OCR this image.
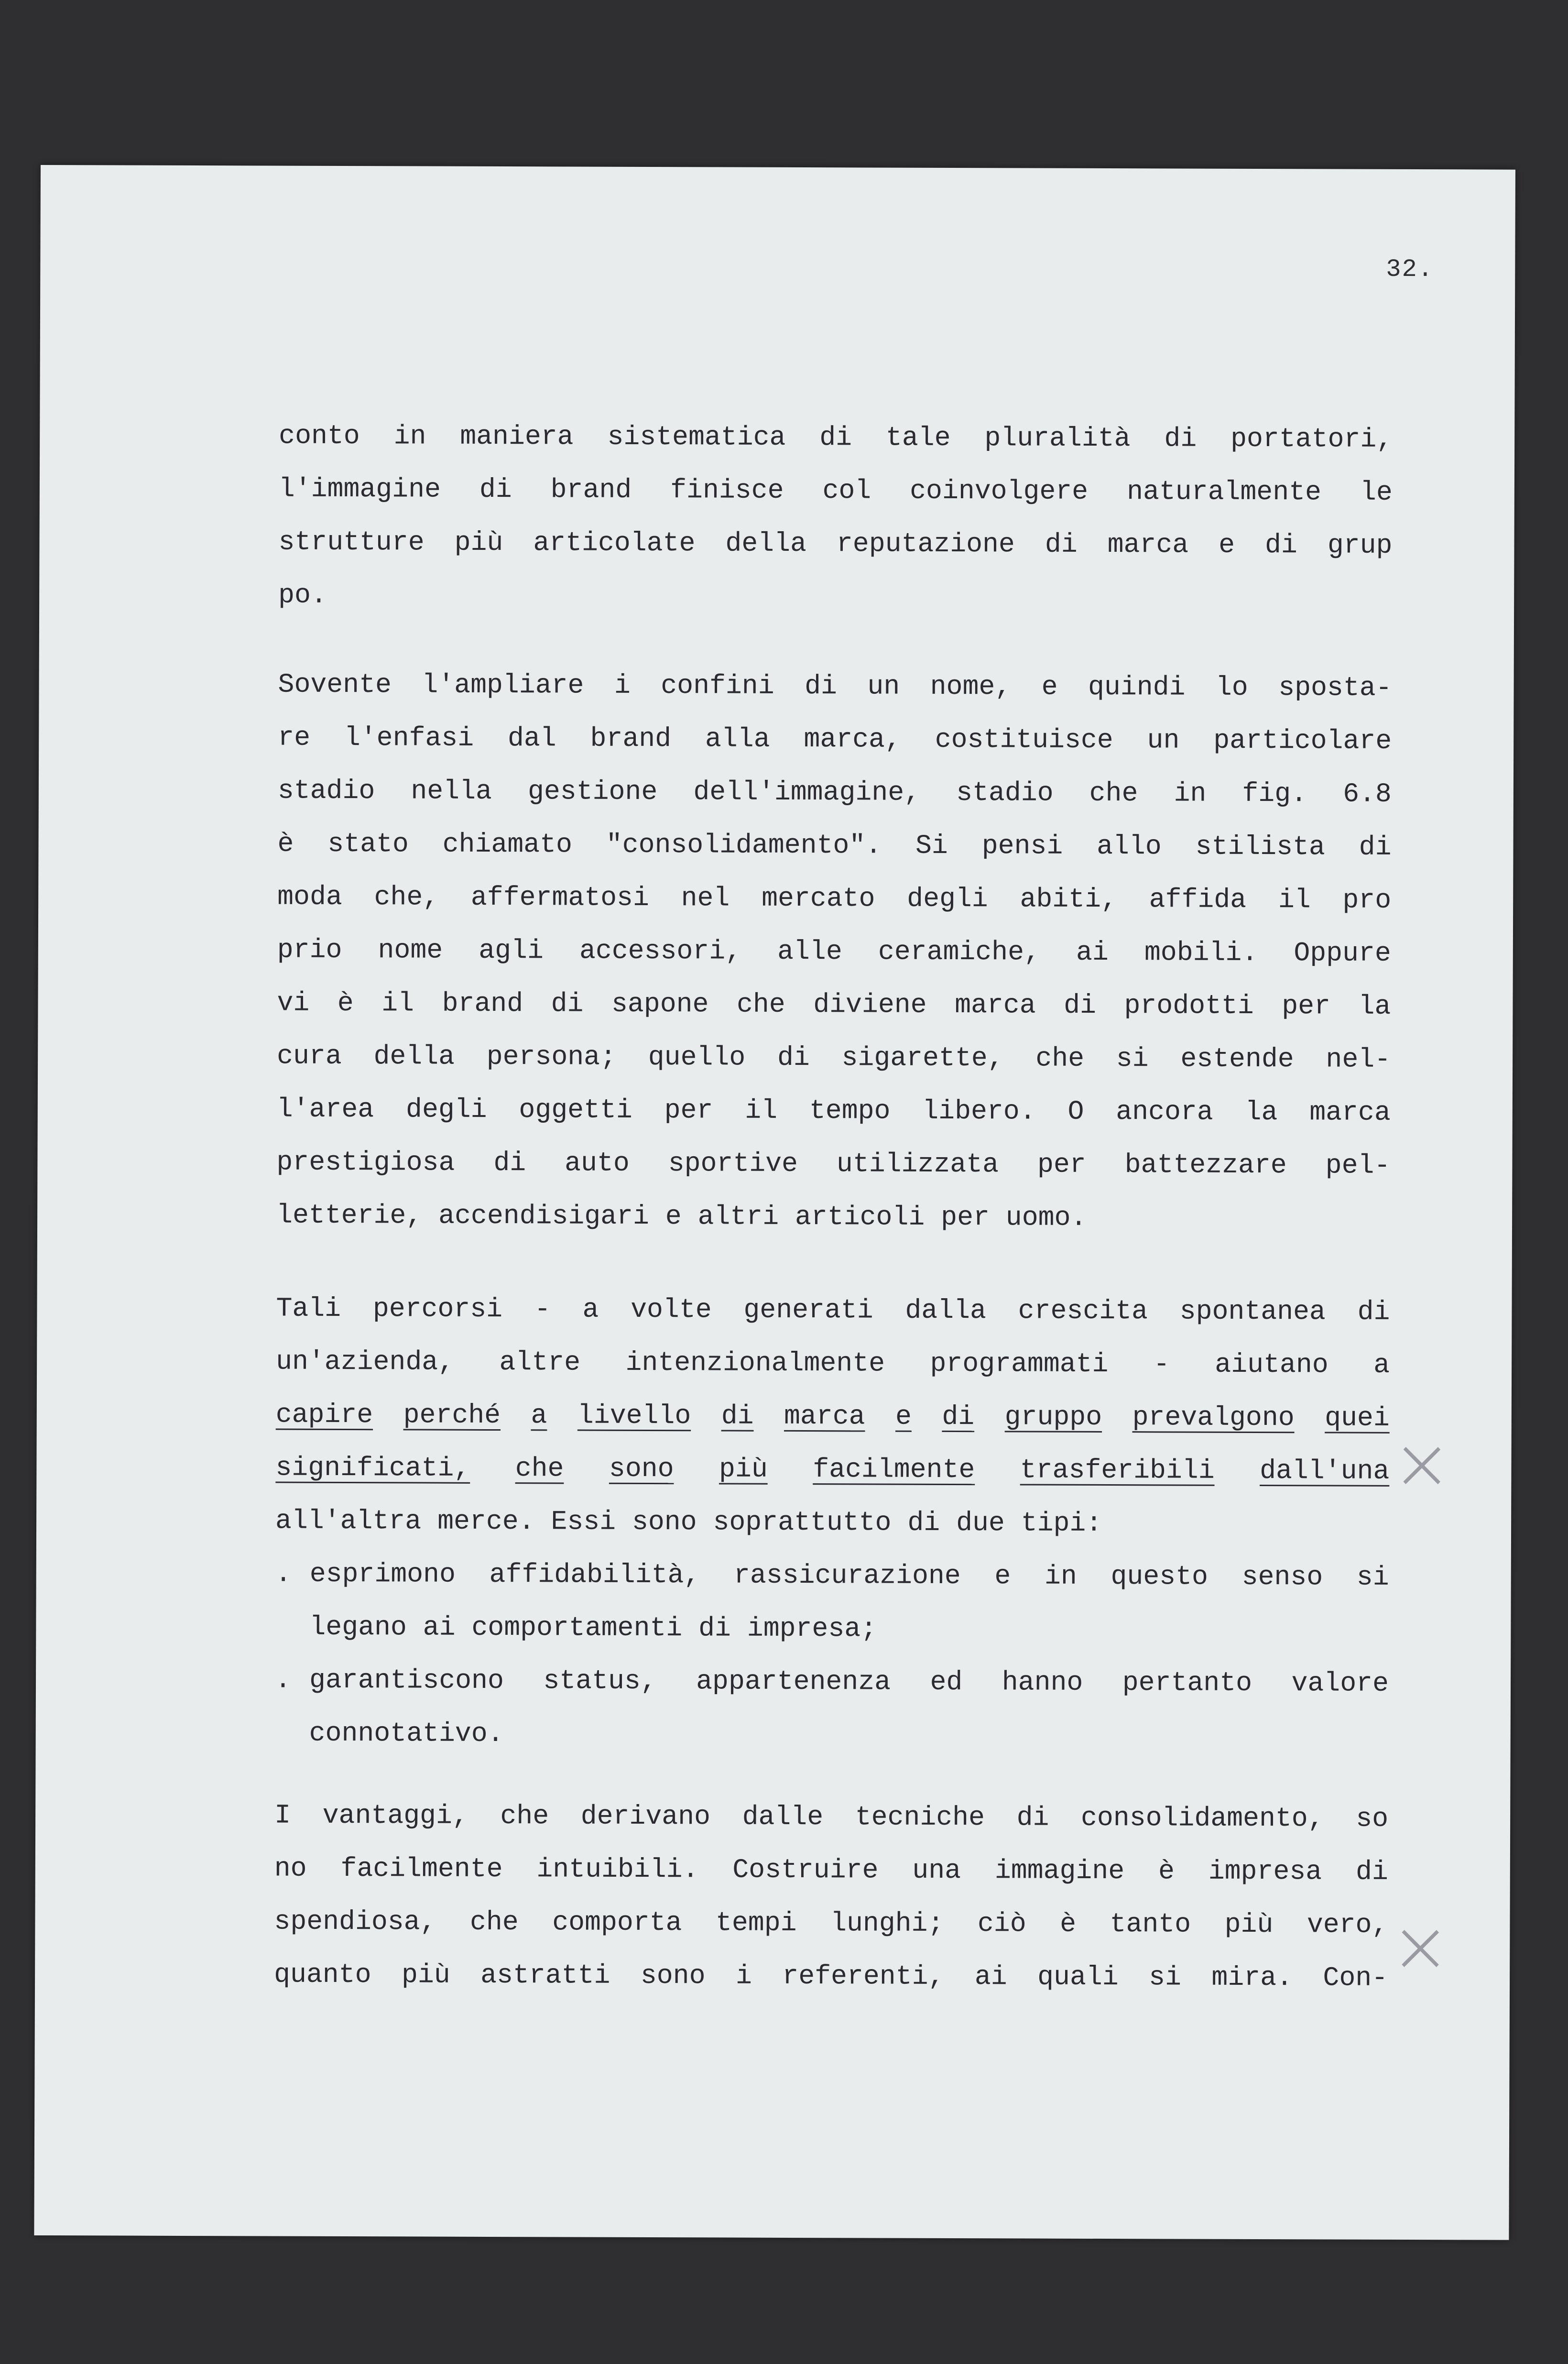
32.
conto in maniera sistematica di tale pluralità di portatori,
l'immagine di brand finisce col coinvolgere naturalmente le
strutture più articolate della reputazione di marca e di grup
po.
Sovente l'ampliare i confini di un nome, e quindi lo sposta-
re l'enfasi dal brand alla marca, costituisce un particolare
stadio nella gestione dell'immagine, stadio che in fig. 6.8
è stato chiamato "consolidamento". Si pensi allo stilista di
moda che, affermatosi nel mercato degli abiti, affida il pro
prio nome agli accessori, alle ceramiche, ai mobili. Oppure
vi è il brand di sapone che diviene marca di prodotti per la
cura della persona; quello di sigarette, che si estende nel-
l'area degli oggetti per il tempo libero. O ancora la marca
prestigiosa di auto sportive utilizzata per battezzare pel-
letterie, accendisigari e altri articoli per uomo.
Tali percorsi - a volte generati dalla crescita spontanea di
un'azienda, altre intenzionalmente programmati - aiutano a
capire perché a livello di marca e di gruppo prevalgono quei
significati, che sono più facilmente trasferibili dall'una
all'altra merce. Essi sono soprattutto di due tipi:
. esprimono affidabilità, rassicurazione e in questo senso si
legano ai comportamenti di impresa;
. garantiscono status, appartenenza ed hanno pertanto valore
connotativo.
I vantaggi, che derivano dalle tecniche di consolidamento, so
no facilmente intuibili. Costruire una immagine è impresa di
spendiosa, che comporta tempi lunghi; ciò è tanto più vero,
quanto più astratti sono i referenti, ai quali si mira. Con-
×
×
